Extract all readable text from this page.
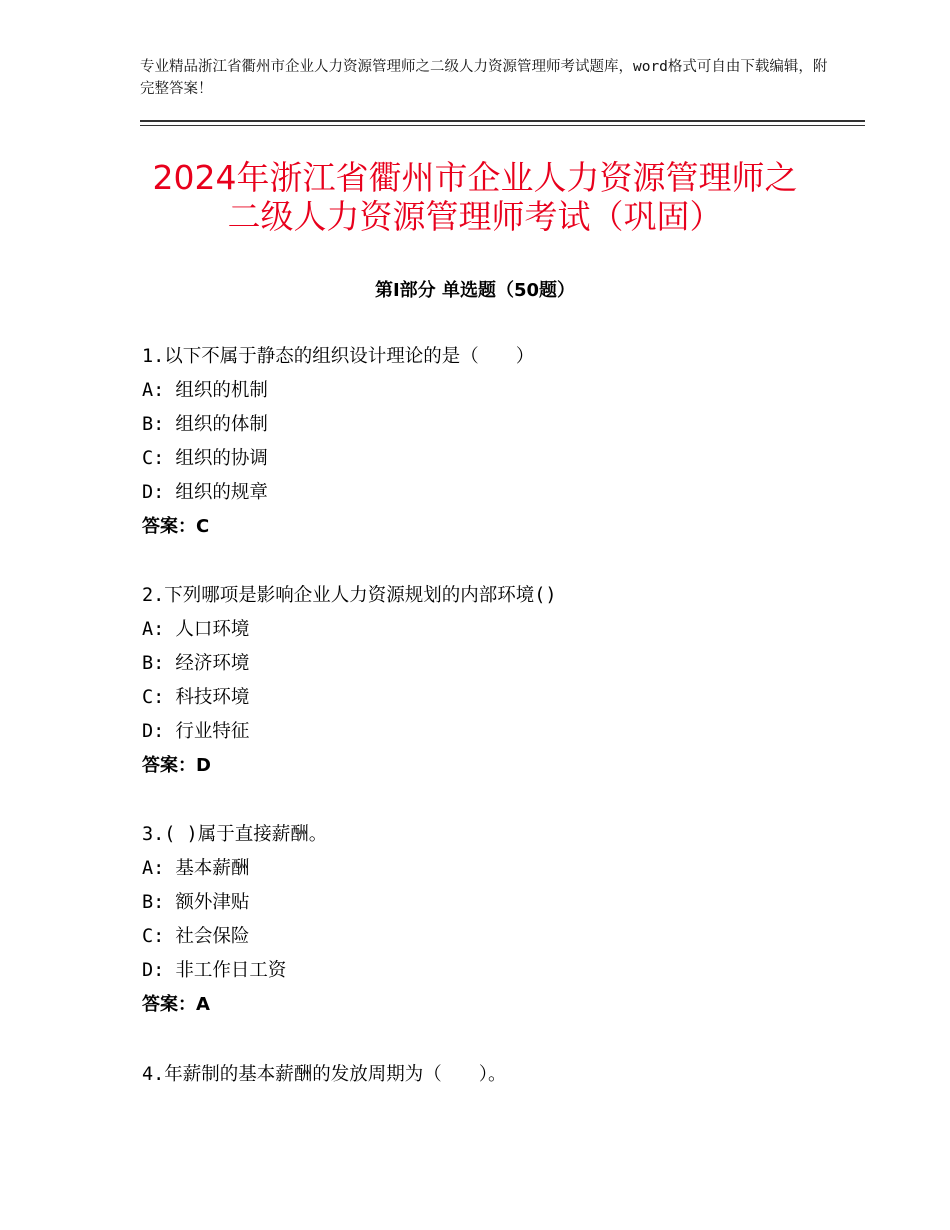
专业精品浙江省衢州市企业人力资源管理师之二级人力资源管理师考试题库，word格式可自由下载编辑，附完整答案！
2024年浙江省衢州市企业人力资源管理师之
二级人力资源管理师考试（巩固）
第Ⅰ部分 单选题（50题）
1.以下不属于静态的组织设计理论的是（　　）
A: 组织的机制
B: 组织的体制
C: 组织的协调
D: 组织的规章
答案：C
2.下列哪项是影响企业人力资源规划的内部环境()
A: 人口环境
B: 经济环境
C: 科技环境
D: 行业特征
答案：D
3.( )属于直接薪酬。
A: 基本薪酬
B: 额外津贴
C: 社会保险
D: 非工作日工资
答案：A
4.年薪制的基本薪酬的发放周期为（　　）。
